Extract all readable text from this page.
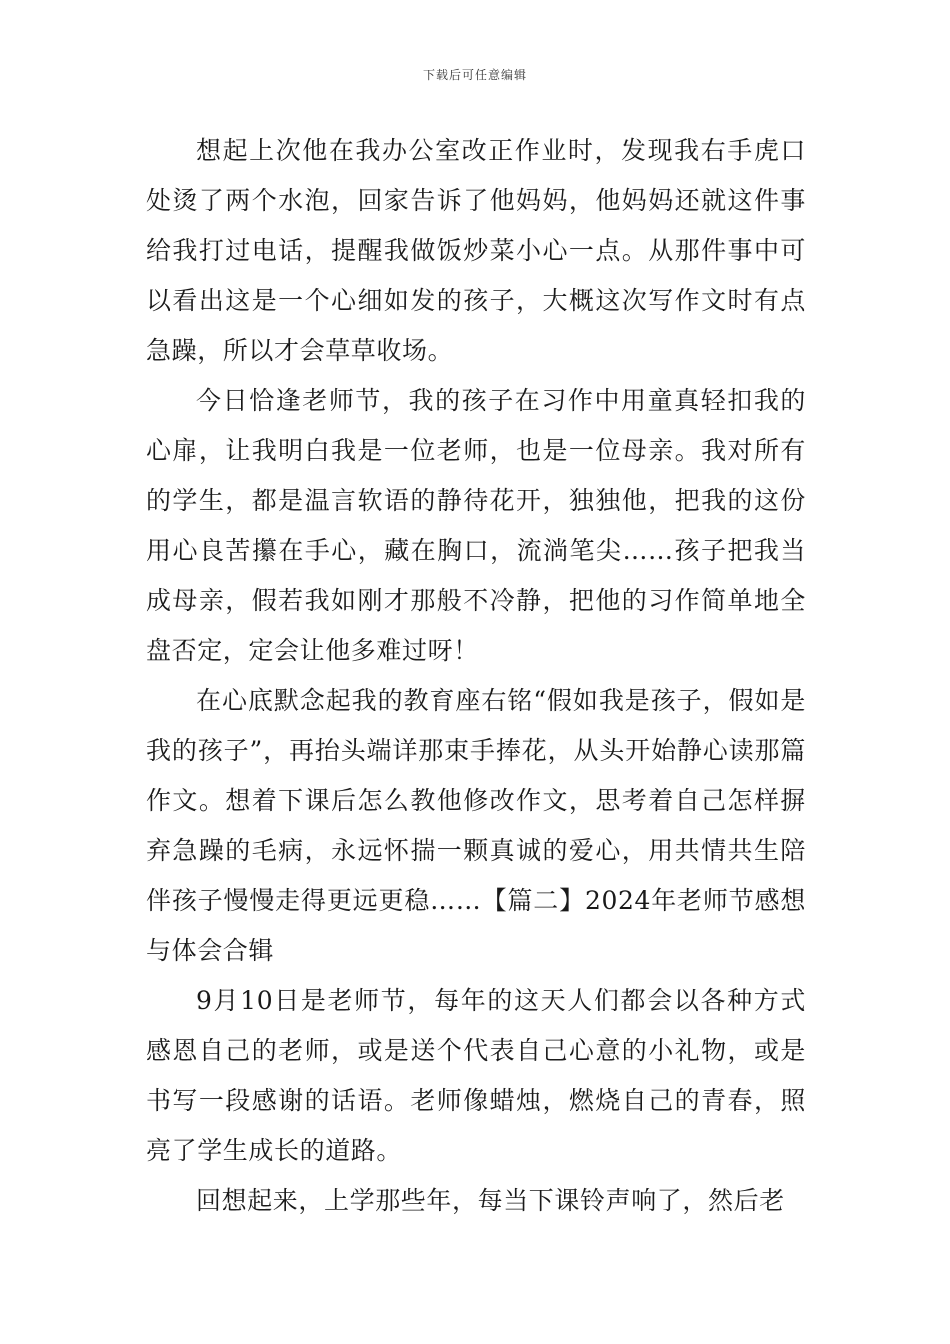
下载后可任意编辑

想起上次他在我办公室改正作业时，发现我右手虎口处烫了两个水泡，回家告诉了他妈妈，他妈妈还就这件事给我打过电话，提醒我做饭炒菜小心一点。从那件事中可以看出这是一个心细如发的孩子，大概这次写作文时有点急躁，所以才会草草收场。

今日恰逢老师节，我的孩子在习作中用童真轻扣我的心扉，让我明白我是一位老师，也是一位母亲。我对所有的学生，都是温言软语的静待花开，独独他，把我的这份用心良苦攥在手心，藏在胸口，流淌笔尖……孩子把我当成母亲，假若我如刚才那般不冷静，把他的习作简单地全盘否定，定会让他多难过呀！

在心底默念起我的教育座右铭“假如我是孩子，假如是我的孩子”，再抬头端详那束手捧花，从头开始静心读那篇作文。想着下课后怎么教他修改作文，思考着自己怎样摒弃急躁的毛病，永远怀揣一颗真诚的爱心，用共情共生陪伴孩子慢慢走得更远更稳……【篇二】2024年老师节感想与体会合辑

9月10日是老师节，每年的这天人们都会以各种方式感恩自己的老师，或是送个代表自己心意的小礼物，或是书写一段感谢的话语。老师像蜡烛，燃烧自己的青春，照亮了学生成长的道路。

回想起来，上学那些年，每当下课铃声响了，然后老
